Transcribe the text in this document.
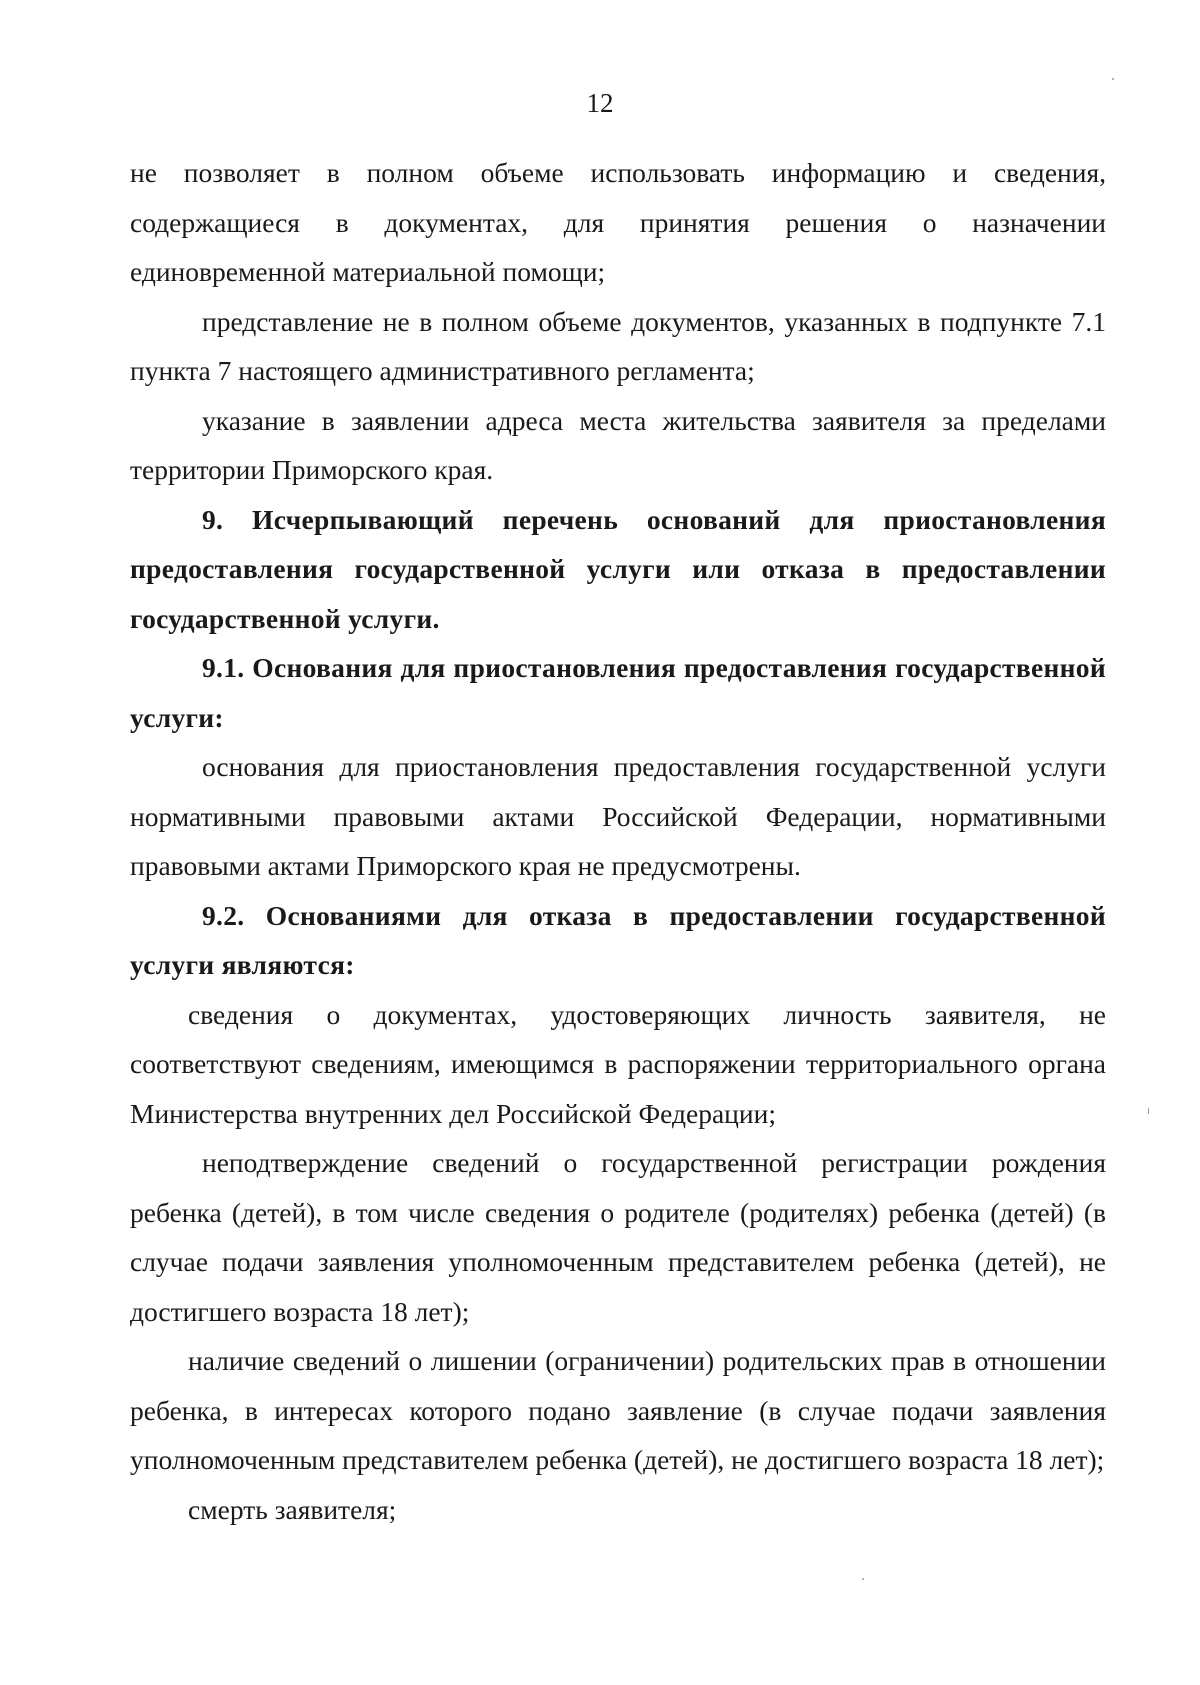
12

не позволяет в полном объеме использовать информацию и сведения, содержащиеся в документах, для принятия решения о назначении единовременной материальной помощи;

представление не в полном объеме документов, указанных в подпункте 7.1 пункта 7 настоящего административного регламента;

указание в заявлении адреса места жительства заявителя за пределами территории Приморского края.

9. Исчерпывающий перечень оснований для приостановления предоставления государственной услуги или отказа в предоставлении государственной услуги.

9.1. Основания для приостановления предоставления государственной услуги:

основания для приостановления предоставления государственной услуги нормативными правовыми актами Российской Федерации, нормативными правовыми актами Приморского края не предусмотрены.

9.2. Основаниями для отказа в предоставлении государственной услуги являются:

сведения о документах, удостоверяющих личность заявителя, не соответствуют сведениям, имеющимся в распоряжении территориального органа Министерства внутренних дел Российской Федерации;

неподтверждение сведений о государственной регистрации рождения ребенка (детей), в том числе сведения о родителе (родителях) ребенка (детей) (в случае подачи заявления уполномоченным представителем ребенка (детей), не достигшего возраста 18 лет);

наличие сведений о лишении (ограничении) родительских прав в отношении ребенка, в интересах которого подано заявление (в случае подачи заявления уполномоченным представителем ребенка (детей), не достигшего возраста 18 лет);

смерть заявителя;
